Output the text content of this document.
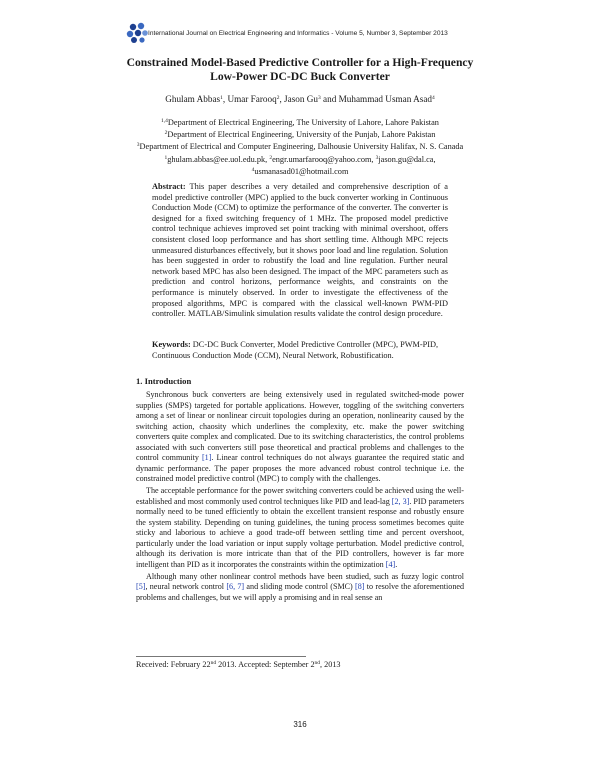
International Journal on Electrical Engineering and Informatics - Volume 5, Number 3, September 2013
Constrained Model-Based Predictive Controller for a High-Frequency
Low-Power DC-DC Buck Converter
Ghulam Abbas$^1$, Umar Farooq$^2$, Jason Gu$^3$ and Muhammad Usman Asad$^4$
$^{1,4}$Department of Electrical Engineering, The University of Lahore, Lahore Pakistan
$^2$Department of Electrical Engineering, University of the Punjab, Lahore Pakistan
$^3$Department of Electrical and Computer Engineering, Dalhousie University Halifax, N. S. Canada
$^1$ghulam.abbas@ee.uol.edu.pk, $^2$engr.umarfarooq@yahoo.com, $^3$jason.gu@dal.ca,
$^4$usmanasad01@hotmail.com
Abstract: This paper describes a very detailed and comprehensive description of a model predictive controller (MPC) applied to the buck converter working in Continuous Conduction Mode (CCM) to optimize the performance of the converter. The converter is designed for a fixed switching frequency of 1 MHz. The proposed model predictive control technique achieves improved set point tracking with minimal overshoot, offers consistent closed loop performance and has short settling time. Although MPC rejects unmeasured disturbances effectively, but it shows poor load and line regulation. Solution has been suggested in order to robustify the load and line regulation. Further neural network based MPC has also been designed. The impact of the MPC parameters such as prediction and control horizons, performance weights, and constraints on the performance is minutely observed. In order to investigate the effectiveness of the proposed algorithms, MPC is compared with the classical well-known PWM-PID controller. MATLAB/Simulink simulation results validate the control design procedure.
Keywords: DC-DC Buck Converter, Model Predictive Controller (MPC), PWM-PID, Continuous Conduction Mode (CCM), Neural Network, Robustification.
1. Introduction

Synchronous buck converters are being extensively used in regulated switched-mode power supplies (SMPS) targeted for portable applications. However, toggling of the switching converters among a set of linear or nonlinear circuit topologies during an operation, nonlinearity caused by the switching action, chaosity which underlines the complexity, etc. make the power switching converters quite complex and complicated. Due to its switching characteristics, the control problems associated with such converters still pose theoretical and practical problems and challenges to the control community [1]. Linear control techniques do not always guarantee the required static and dynamic performance. The paper proposes the more advanced robust control technique i.e. the constrained model predictive control (MPC) to comply with the challenges.

The acceptable performance for the power switching converters could be achieved using the well-established and most commonly used control techniques like PID and lead-lag [2, 3]. PID parameters normally need to be tuned efficiently to obtain the excellent transient response and robustly ensure the system stability. Depending on tuning guidelines, the tuning process sometimes becomes quite sticky and laborious to achieve a good trade-off between settling time and percent overshoot, particularly under the load variation or input supply voltage perturbation. Model predictive control, although its derivation is more intricate than that of the PID controllers, however is far more intelligent than PID as it incorporates the constraints within the optimization [4].

Although many other nonlinear control methods have been studied, such as fuzzy logic control [5], neural network control [6, 7] and sliding mode control (SMC) [8] to resolve the aforementioned problems and challenges, but we will apply a promising and in real sense an

Received: February 22nd 2013. Accepted: September 2nd, 2013
316
